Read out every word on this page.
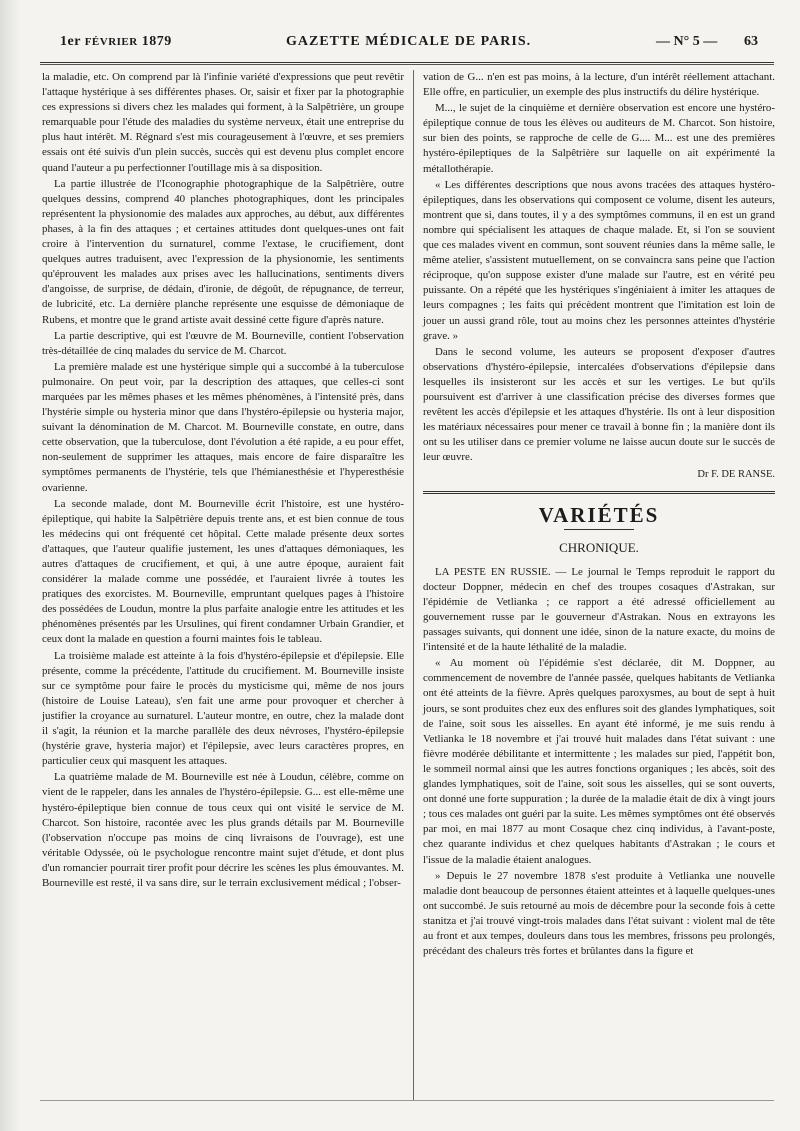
1er FÉVRIER 1879	GAZETTE MÉDICALE DE PARIS.	— N° 5 — 63

la maladie, etc. On comprend par là l'infinie variété d'expressions que peut revêtir l'attaque hystérique à ses différentes phases. Or, saisir et fixer par la photographie ces expressions si divers chez les malades qui forment, à la Salpêtrière, un groupe remarquable pour l'étude des maladies du système nerveux, était une entreprise du plus haut intérêt. M. Régnard s'est mis courageusement à l'œuvre, et ses premiers essais ont été suivis d'un plein succès, succès qui est devenu plus complet encore quand l'auteur a pu perfectionner l'outillage mis à sa disposition.

La partie illustrée de l'Iconographie photographique de la Salpêtrière, outre quelques dessins, comprend 40 planches photographiques, dont les principales représentent la physionomie des malades aux approches, au début, aux différentes phases, à la fin des attaques ; et certaines attitudes dont quelques-unes ont fait croire à l'intervention du surnaturel, comme l'extase, le crucifiement, dont quelques autres traduisent, avec l'expression de la physionomie, les sentiments qu'éprouvent les malades aux prises avec les hallucinations, sentiments divers d'angoisse, de surprise, de dédain, d'ironie, de dégoût, de répugnance, de terreur, de lubricité, etc. La dernière planche représente une esquisse de démoniaque de Rubens, et montre que le grand artiste avait dessiné cette figure d'après nature.

La partie descriptive, qui est l'œuvre de M. Bourneville, contient l'observation très-détaillée de cinq malades du service de M. Charcot.

La première malade est une hystérique simple qui a succombé à la tuberculose pulmonaire. On peut voir, par la description des attaques, que celles-ci sont marquées par les mêmes phases et les mêmes phénomènes, à l'intensité près, dans l'hystérie simple ou hysteria minor que dans l'hystéro-épilepsie ou hysteria major, suivant la dénomination de M. Charcot. M. Bourneville constate, en outre, dans cette observation, que la tuberculose, dont l'évolution a été rapide, a eu pour effet, non-seulement de supprimer les attaques, mais encore de faire disparaître les symptômes permanents de l'hystérie, tels que l'hémianesthésie et l'hyperesthésie ovarienne.

La seconde malade, dont M. Bourneville écrit l'histoire, est une hystéro-épileptique, qui habite la Salpêtrière depuis trente ans, et est bien connue de tous les médecins qui ont fréquenté cet hôpital. Cette malade présente deux sortes d'attaques, que l'auteur qualifie justement, les unes d'attaques démoniaques, les autres d'attaques de crucifiement, et qui, à une autre époque, auraient fait considérer la malade comme une possédée, et l'auraient livrée à toutes les pratiques des exorcistes. M. Bourneville, empruntant quelques pages à l'histoire des possédées de Loudun, montre la plus parfaite analogie entre les attitudes et les phénomènes présentés par les Ursulines, qui firent condamner Urbain Grandier, et ceux dont la malade en question a fourni maintes fois le tableau.

La troisième malade est atteinte à la fois d'hystéro-épilepsie et d'épilepsie. Elle présente, comme la précédente, l'attitude du crucifiement. M. Bourneville insiste sur ce symptôme pour faire le procès du mysticisme qui, même de nos jours (histoire de Louise Lateau), s'en fait une arme pour provoquer et chercher à justifier la croyance au surnaturel. L'auteur montre, en outre, chez la malade dont il s'agit, la réunion et la marche parallèle des deux névroses, l'hystéro-épilepsie (hystérie grave, hysteria major) et l'épilepsie, avec leurs caractères propres, en particulier ceux qui masquent les attaques.

La quatrième malade de M. Bourneville est née à Loudun, célèbre, comme on vient de le rappeler, dans les annales de l'hystéro-épilepsie. G... est elle-même une hystéro-épileptique bien connue de tous ceux qui ont visité le service de M. Charcot. Son histoire, racontée avec les plus grands détails par M. Bourneville (l'observation n'occupe pas moins de cinq livraisons de l'ouvrage), est une véritable Odyssée, où le psychologue rencontre maint sujet d'étude, et dont plus d'un romancier pourrait tirer profit pour décrire les scènes les plus émouvantes. M. Bourneville est resté, il va sans dire, sur le terrain exclusivement médical ; l'obser-

vation de G... n'en est pas moins, à la lecture, d'un intérêt réellement attachant. Elle offre, en particulier, un exemple des plus instructifs du délire hystérique.

M..., le sujet de la cinquième et dernière observation est encore une hystéro-épileptique connue de tous les élèves ou auditeurs de M. Charcot. Son histoire, sur bien des points, se rapproche de celle de G.... M... est une des premières hystéro-épileptiques de la Salpêtrière sur laquelle on ait expérimenté la métallothérapie.

« Les différentes descriptions que nous avons tracées des attaques hystéro-épileptiques, dans les observations qui composent ce volume, disent les auteurs, montrent que si, dans toutes, il y a des symptômes communs, il en est un grand nombre qui spécialisent les attaques de chaque malade. Et, si l'on se souvient que ces malades vivent en commun, sont souvent réunies dans la même salle, le même atelier, s'assistent mutuellement, on se convaincra sans peine que l'action réciproque, qu'on suppose exister d'une malade sur l'autre, est en vérité peu puissante. On a répété que les hystériques s'ingéniaient à imiter les attaques de leurs compagnes ; les faits qui précèdent montrent que l'imitation est loin de jouer un aussi grand rôle, tout au moins chez les personnes atteintes d'hystérie grave. »

Dans le second volume, les auteurs se proposent d'exposer d'autres observations d'hystéro-épilepsie, intercalées d'observations d'épilepsie dans lesquelles ils insisteront sur les accès et sur les vertiges. Le but qu'ils poursuivent est d'arriver à une classification précise des diverses formes que revêtent les accès d'épilepsie et les attaques d'hystérie. Ils ont à leur disposition les matériaux nécessaires pour mener ce travail à bonne fin ; la manière dont ils ont su les utiliser dans ce premier volume ne laisse aucun doute sur le succès de leur œuvre.

Dr F. DE RANSE.
VARIÉTÉS
CHRONIQUE.

LA PESTE EN RUSSIE. — Le journal le Temps reproduit le rapport du docteur Doppner, médecin en chef des troupes cosaques d'Astrakan, sur l'épidémie de Vetlianka ; ce rapport a été adressé officiellement au gouvernement russe par le gouverneur d'Astrakan. Nous en extrayons les passages suivants, qui donnent une idée, sinon de la nature exacte, du moins de l'intensité et de la haute léthalité de la maladie.

« Au moment où l'épidémie s'est déclarée, dit M. Doppner, au commencement de novembre de l'année passée, quelques habitants de Vetlianka ont été atteints de la fièvre. Après quelques paroxysmes, au bout de sept à huit jours, se sont produites chez eux des enflures soit des glandes lymphatiques, soit de l'aine, soit sous les aisselles. En ayant été informé, je me suis rendu à Vetlianka le 18 novembre et j'ai trouvé huit malades dans l'état suivant : une fièvre modérée débilitante et intermittente ; les malades sur pied, l'appétit bon, le sommeil normal ainsi que les autres fonctions organiques ; les abcès, soit des glandes lymphatiques, soit de l'aine, soit sous les aisselles, qui se sont ouverts, ont donné une forte suppuration ; la durée de la maladie était de dix à vingt jours ; tous ces malades ont guéri par la suite. Les mêmes symptômes ont été observés par moi, en mai 1877 au mont Cosaque chez cinq individus, à l'avant-poste, chez quarante individus et chez quelques habitants d'Astrakan ; le cours et l'issue de la maladie étaient analogues.

» Depuis le 27 novembre 1878 s'est produite à Vetlianka une nouvelle maladie dont beaucoup de personnes étaient atteintes et à laquelle quelques-unes ont succombé. Je suis retourné au mois de décembre pour la seconde fois à cette stanitza et j'ai trouvé vingt-trois malades dans l'état suivant : violent mal de tête au front et aux tempes, douleurs dans tous les membres, frissons peu prolongés, précédant des chaleurs très fortes et brûlantes dans la figure et
